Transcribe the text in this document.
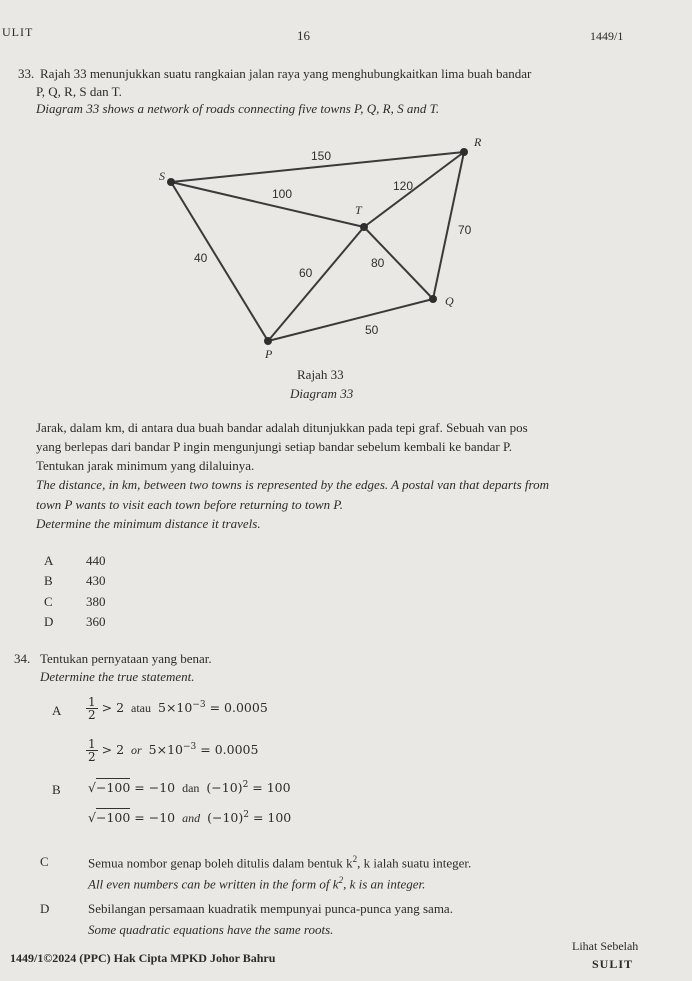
ULIT	16	1449/1
33. Rajah 33 menunjukkan suatu rangkaian jalan raya yang menghubungkaitkan lima buah bandar
P, Q, R, S dan T.
Diagram 33 shows a network of roads connecting five towns P, Q, R, S and T.
S
R
T
Q
P
150
120
100
70
40
60
80
50
Rajah 33
Diagram 33
Jarak, dalam km, di antara dua buah bandar adalah ditunjukkan pada tepi graf. Sebuah van pos
yang berlepas dari bandar P ingin mengunjungi setiap bandar sebelum kembali ke bandar P.
Tentukan jarak minimum yang dilaluinya.
The distance, in km, between two towns is represented by the edges. A postal van that departs from
town P wants to visit each town before returning to town P.
Determine the minimum distance it travels.
A	440
B	430
C	380
D	360
34. Tentukan pernyataan yang benar.
Determine the true statement.
A $\frac{1}{2} > 2$ atau $5\times 10^{-3} = 0.0005$
$\frac{1}{2} > 2$ or $5\times 10^{-3} = 0.0005$
B √−100 = −10 dan $(-10)^2 = 100$
√−100 = −10 and $(-10)^2 = 100$
C	Semua nombor genap boleh ditulis dalam bentuk $k^2$, k ialah suatu integer.
All even numbers can be written in the form of $k^2$, k is an integer.
D	Sebilangan persamaan kuadratik mempunyai punca-punca yang sama.
Some quadratic equations have the same roots.
1449/1©2024 (PPC) Hak Cipta MPKD Johor Bahru
Lihat Sebelah
SULIT
